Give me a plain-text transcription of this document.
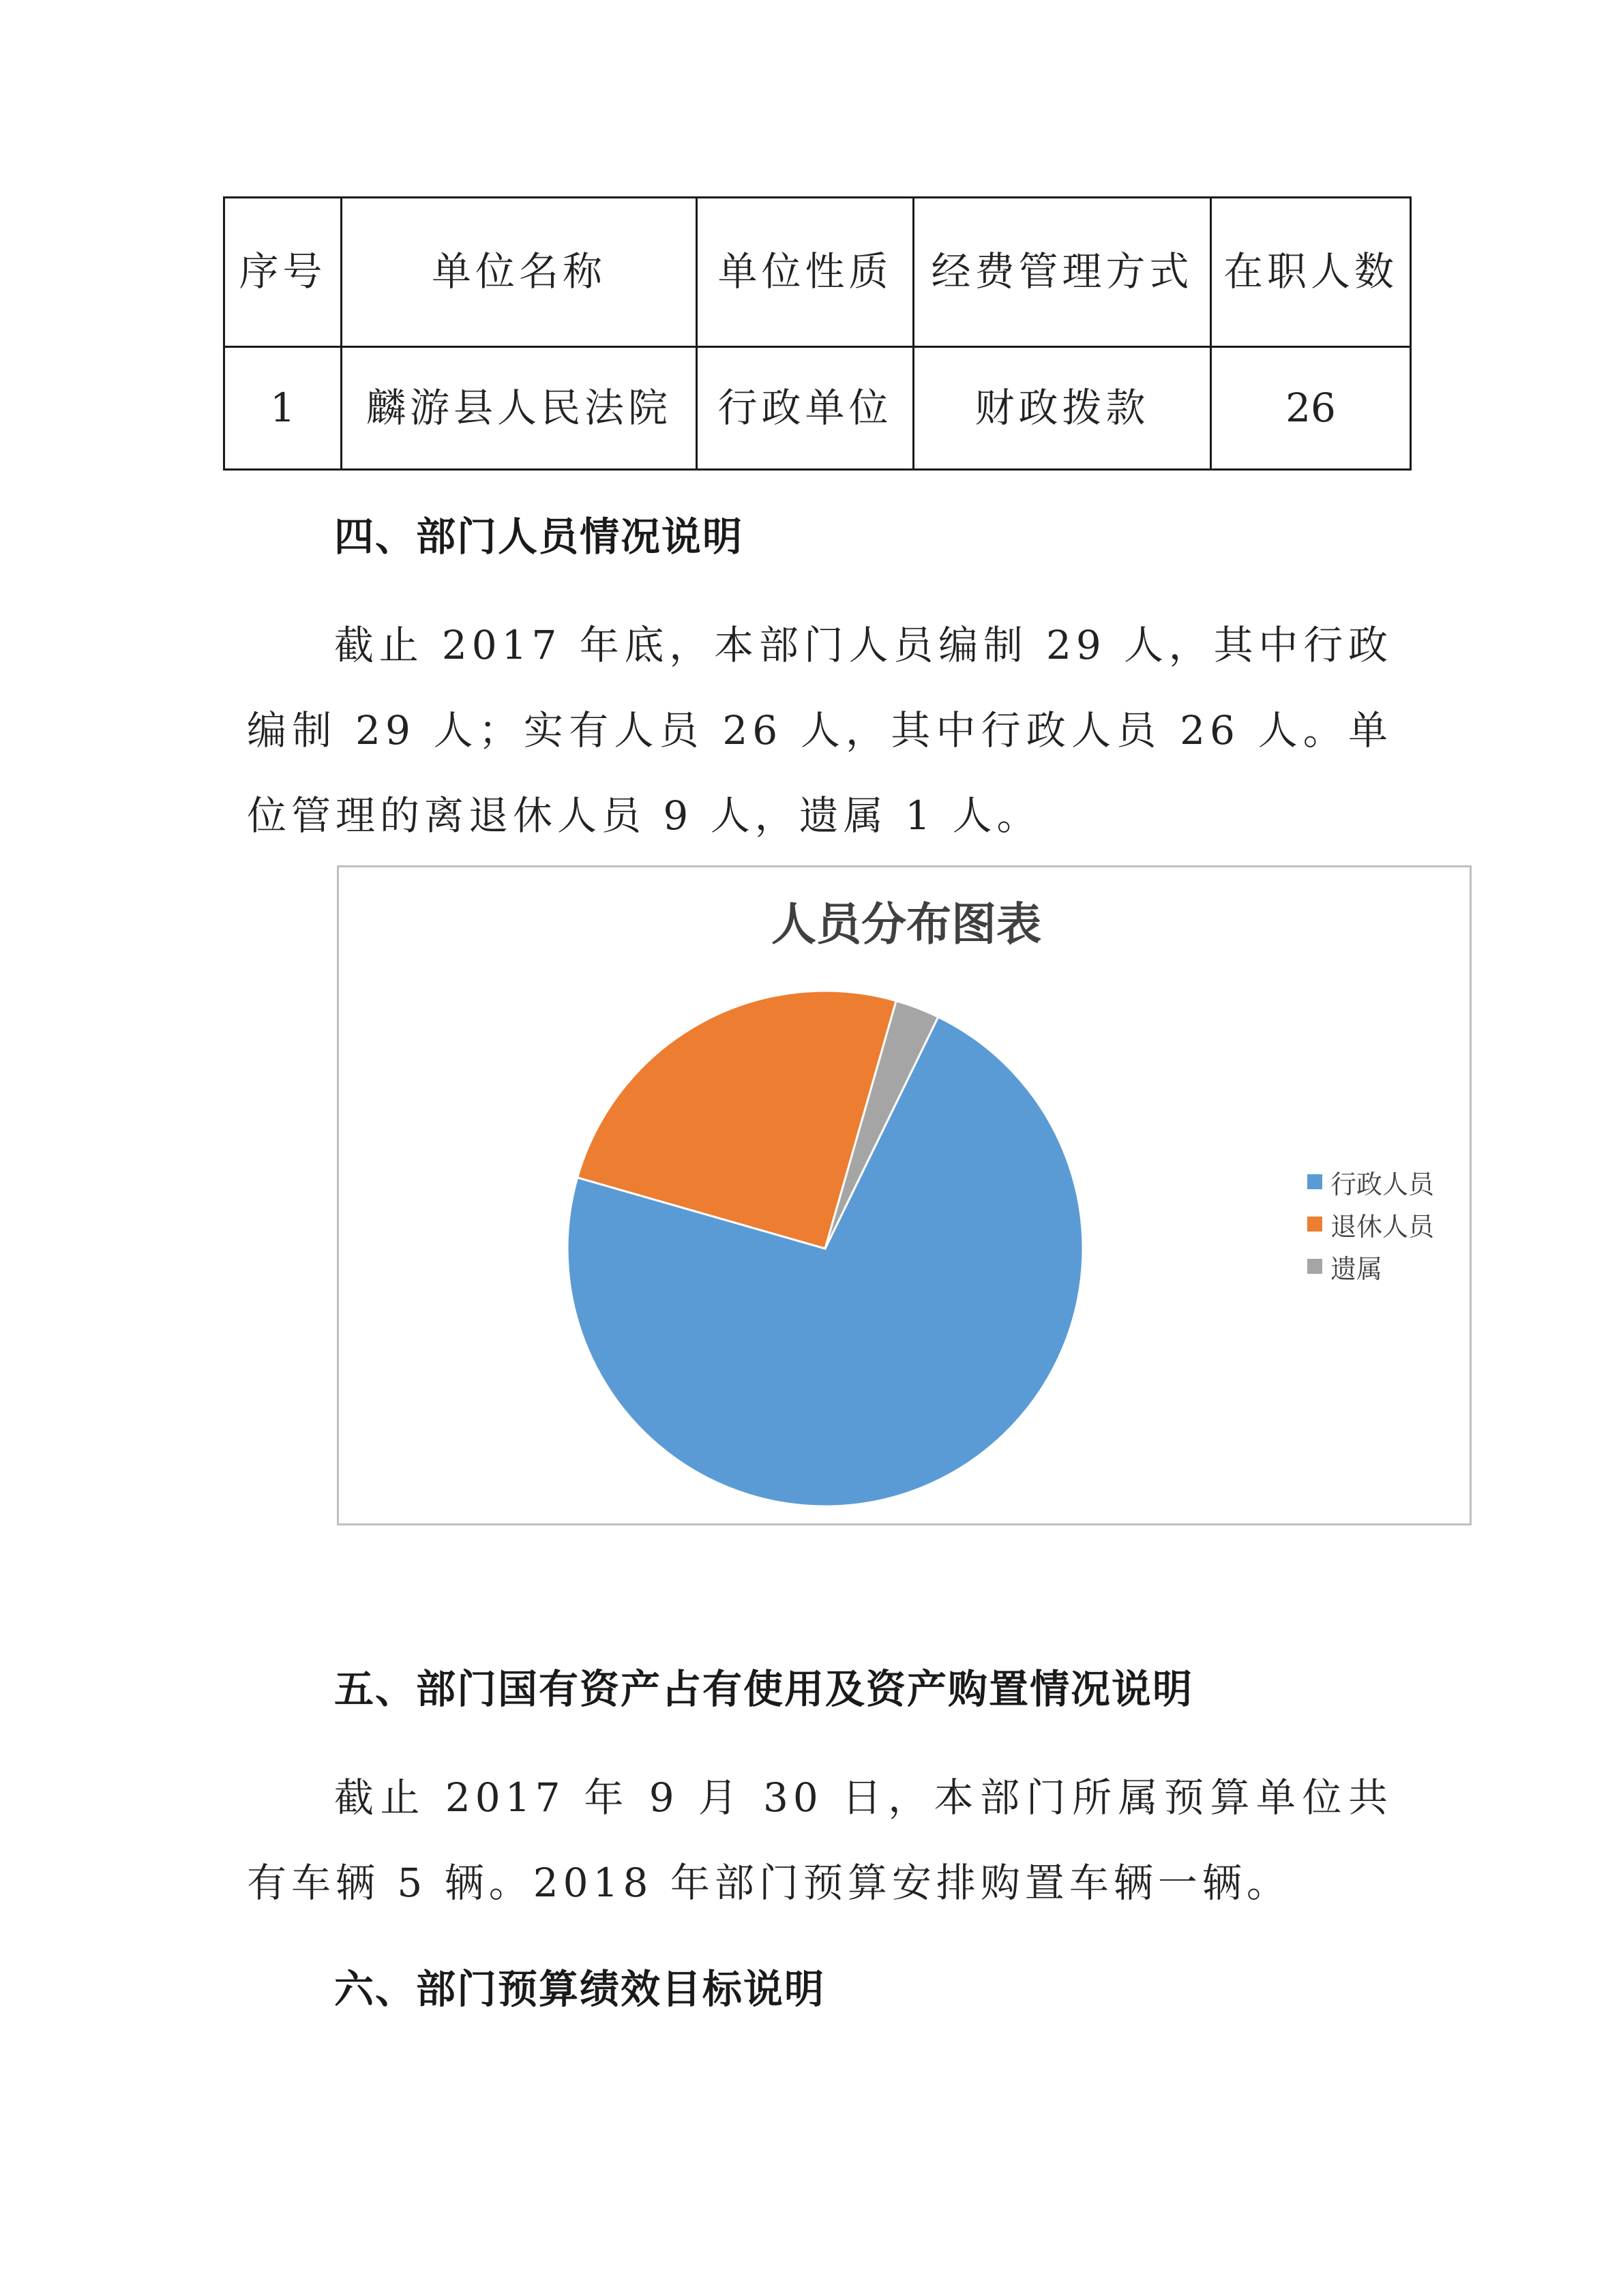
序号	单位名称	单位性质	经费管理方式	在职人数
1	麟游县人民法院	行政单位	财政拨款	26
四、部门人员情况说明

截止 2017 年底，本部门人员编制 29 人，其中行政编制 29 人；实有人员 26 人，其中行政人员 26 人。单位管理的离退休人员 9 人，遗属 1 人。

人员分布图表
行政人员
退休人员
遗属
五、部门国有资产占有使用及资产购置情况说明

截止 2017 年 9 月 30 日，本部门所属预算单位共有车辆 5 辆。2018 年部门预算安排购置车辆一辆。

六、部门预算绩效目标说明
